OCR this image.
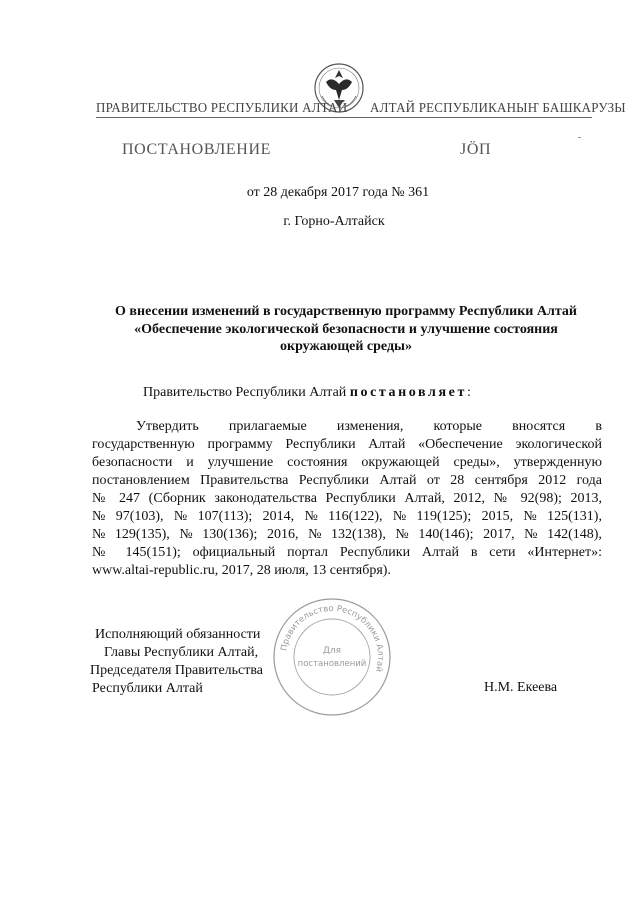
ПРАВИТЕЛЬСТВО РЕСПУБЛИКИ АЛТАЙ АЛТАЙ РЕСПУБЛИКАНЫҤ БАШКАРУЗЫ
ПОСТАНОВЛЕНИЕ	JÖП
от 28 декабря 2017 года № 361
г. Горно-Алтайск
О внесении изменений в государственную программу Республики Алтай
«Обеспечение экологической безопасности и улучшение состояния
окружающей среды»
Правительство Республики Алтай постановляет:
Утвердить прилагаемые изменения, которые вносятся в
государственную программу Республики Алтай «Обеспечение экологической
безопасности и улучшение состояния окружающей среды», утвержденную
постановлением Правительства Республики Алтай от 28 сентября 2012 года
№ 247 (Сборник законодательства Республики Алтай, 2012, № 92(98); 2013,
№ 97(103), № 107(113); 2014, № 116(122), № 119(125); 2015, № 125(131),
№ 129(135), № 130(136); 2016, № 132(138), № 140(146); 2017, № 142(148),
№ 145(151); официальный портал Республики Алтай в сети «Интернет»:
www.altai-republic.ru, 2017, 28 июля, 13 сентября).
Исполняющий обязанности
Главы Республики Алтай,
Председателя Правительства
Республики Алтай	Н.М. Екеева
Правительство Республики Алтай
Для
постановлений
